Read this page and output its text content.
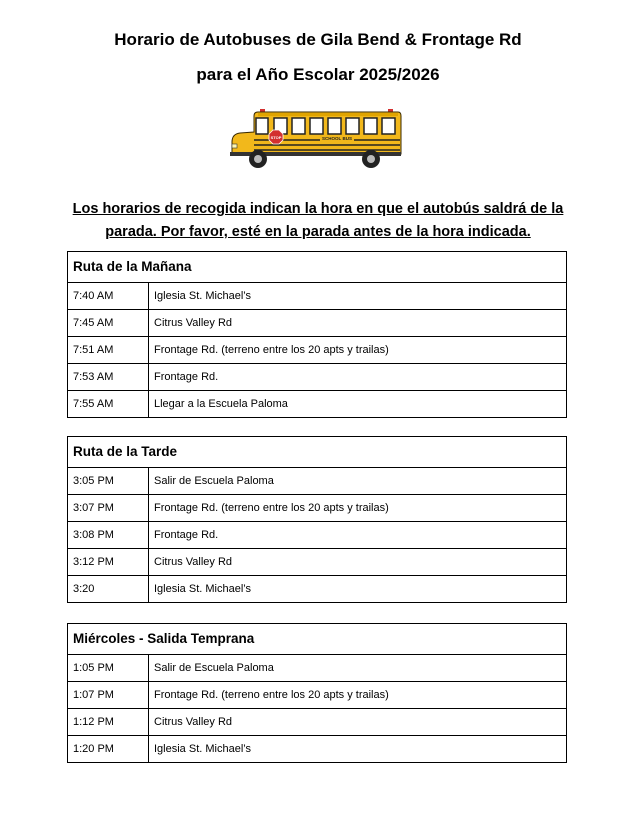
Horario de Autobuses de Gila Bend & Frontage Rd
para el Año Escolar 2025/2026
STOP	SCHOOL BUS
Los horarios de recogida indican la hora en que el autobús saldrá de la
parada. Por favor, esté en la parada antes de la hora indicada.
Ruta de la Mañana	
7:40 AM	Iglesia St. Michael’s
7:45 AM	Citrus Valley Rd
7:51 AM	Frontage Rd. (terreno entre los 20 apts y trailas)
7:53 AM	Frontage Rd.
7:55 AM	Llegar a la Escuela Paloma
Ruta de la Tarde	
3:05 PM	Salir de Escuela Paloma
3:07 PM	Frontage Rd. (terreno entre los 20 apts y trailas)
3:08 PM	Frontage Rd.
3:12 PM	Citrus Valley Rd
3:20	Iglesia St. Michael’s
Miércoles - Salida Temprana	
1:05 PM	Salir de Escuela Paloma
1:07 PM	Frontage Rd. (terreno entre los 20 apts y trailas)
1:12 PM	Citrus Valley Rd
1:20 PM	Iglesia St. Michael’s
